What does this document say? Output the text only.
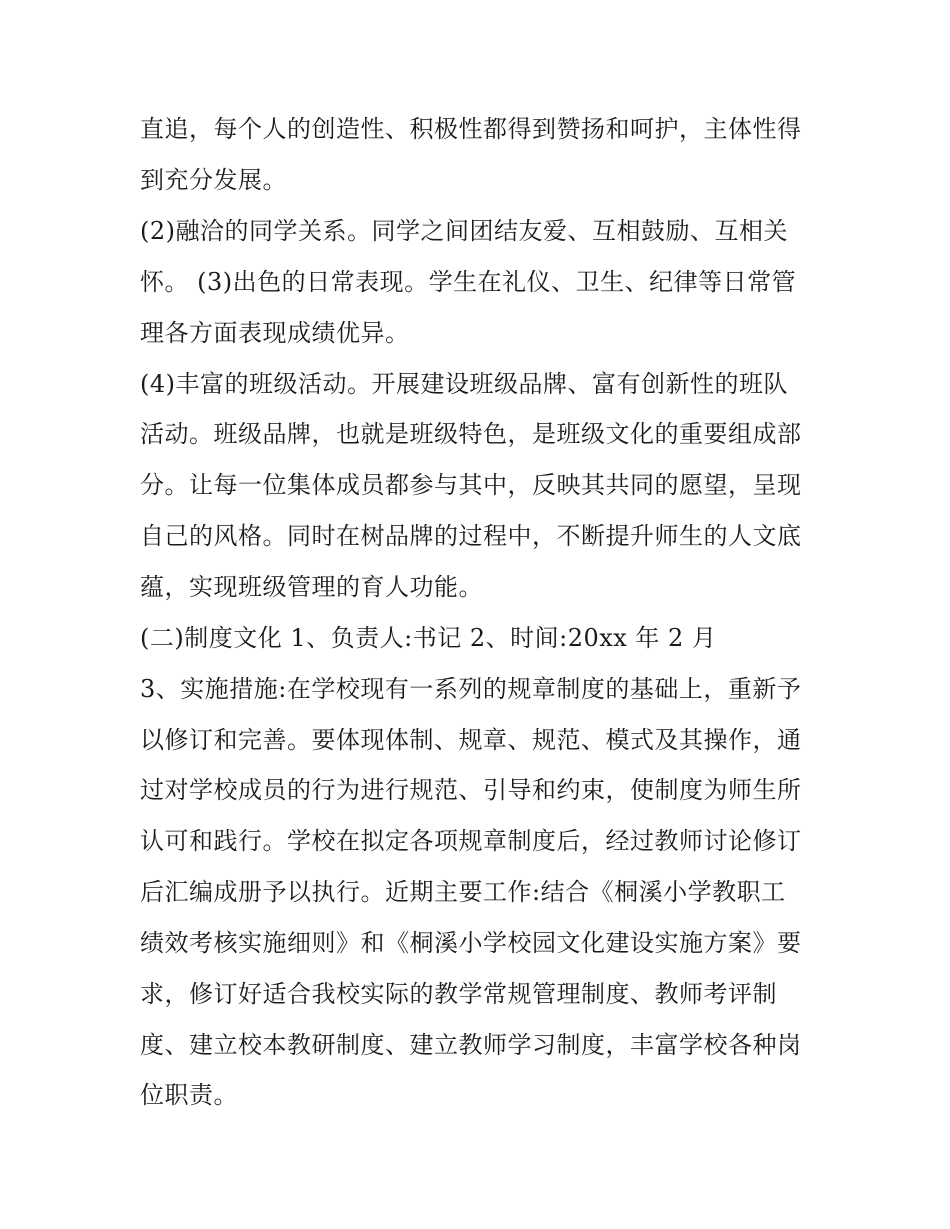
直追，每个人的创造性、积极性都得到赞扬和呵护，主体性得
到充分发展。
(2)融洽的同学关系。同学之间团结友爱、互相鼓励、互相关
怀。 (3)出色的日常表现。学生在礼仪、卫生、纪律等日常管
理各方面表现成绩优异。
(4)丰富的班级活动。开展建设班级品牌、富有创新性的班队
活动。班级品牌，也就是班级特色，是班级文化的重要组成部
分。让每一位集体成员都参与其中，反映其共同的愿望，呈现
自己的风格。同时在树品牌的过程中，不断提升师生的人文底
蕴，实现班级管理的育人功能。
(二)制度文化 1、负责人:书记 2、时间:20xx 年 2 月
3、实施措施:在学校现有一系列的规章制度的基础上，重新予
以修订和完善。要体现体制、规章、规范、模式及其操作，通
过对学校成员的行为进行规范、引导和约束，使制度为师生所
认可和践行。学校在拟定各项规章制度后，经过教师讨论修订
后汇编成册予以执行。近期主要工作:结合《桐溪小学教职工
绩效考核实施细则》和《桐溪小学校园文化建设实施方案》要
求，修订好适合我校实际的教学常规管理制度、教师考评制
度、建立校本教研制度、建立教师学习制度，丰富学校各种岗
位职责。
